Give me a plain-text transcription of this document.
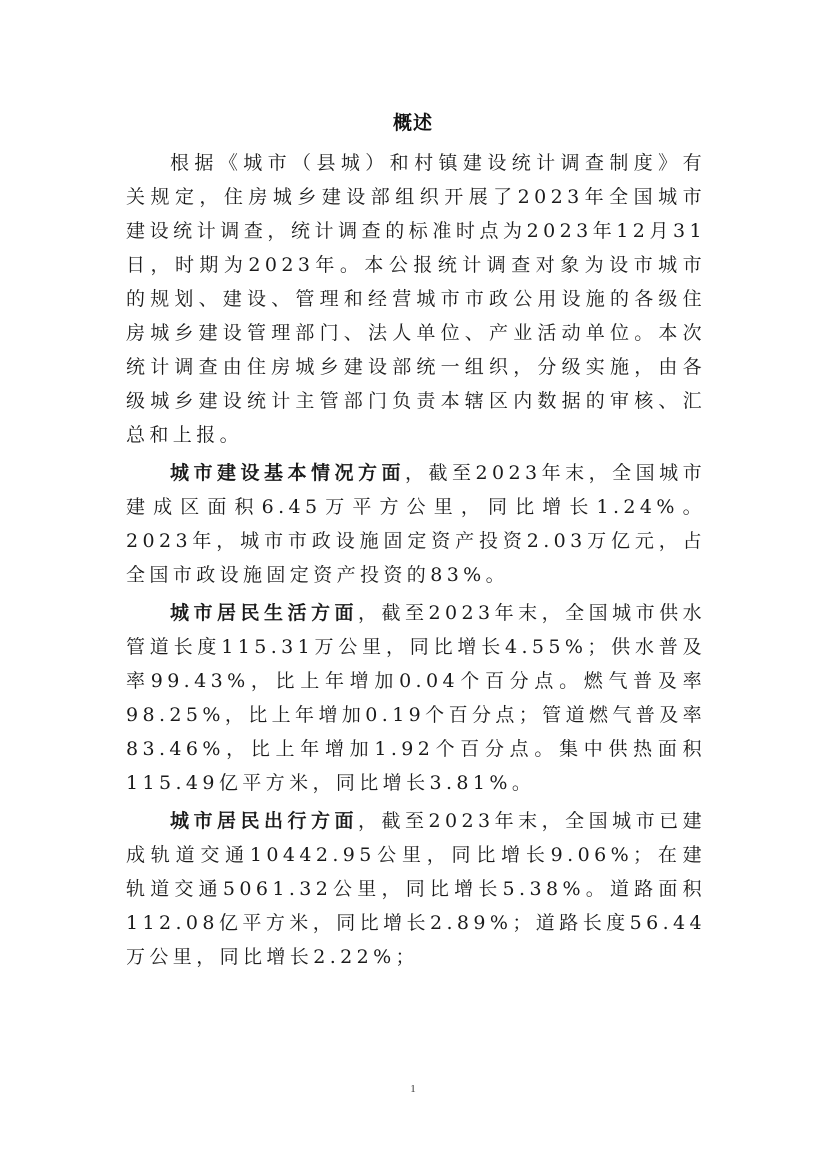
概述

根据《城市（县城）和村镇建设统计调查制度》有关规定，住房城乡建设部组织开展了2023年全国城市建设统计调查，统计调查的标准时点为2023年12月31日，时期为2023年。本公报统计调查对象为设市城市的规划、建设、管理和经营城市市政公用设施的各级住房城乡建设管理部门、法人单位、产业活动单位。本次统计调查由住房城乡建设部统一组织，分级实施，由各级城乡建设统计主管部门负责本辖区内数据的审核、汇总和上报。

城市建设基本情况方面，截至2023年末，全国城市建成区面积6.45万平方公里，同比增长1.24%。2023年，城市市政设施固定资产投资2.03万亿元，占全国市政设施固定资产投资的83%。

城市居民生活方面，截至2023年末，全国城市供水管道长度115.31万公里，同比增长4.55%；供水普及率99.43%，比上年增加0.04个百分点。燃气普及率98.25%，比上年增加0.19个百分点；管道燃气普及率83.46%，比上年增加1.92个百分点。集中供热面积115.49亿平方米，同比增长3.81%。

城市居民出行方面，截至2023年末，全国城市已建成轨道交通10442.95公里，同比增长9.06%；在建轨道交通5061.32公里，同比增长5.38%。道路面积112.08亿平方米，同比增长2.89%；道路长度56.44万公里，同比增长2.22%；

1
